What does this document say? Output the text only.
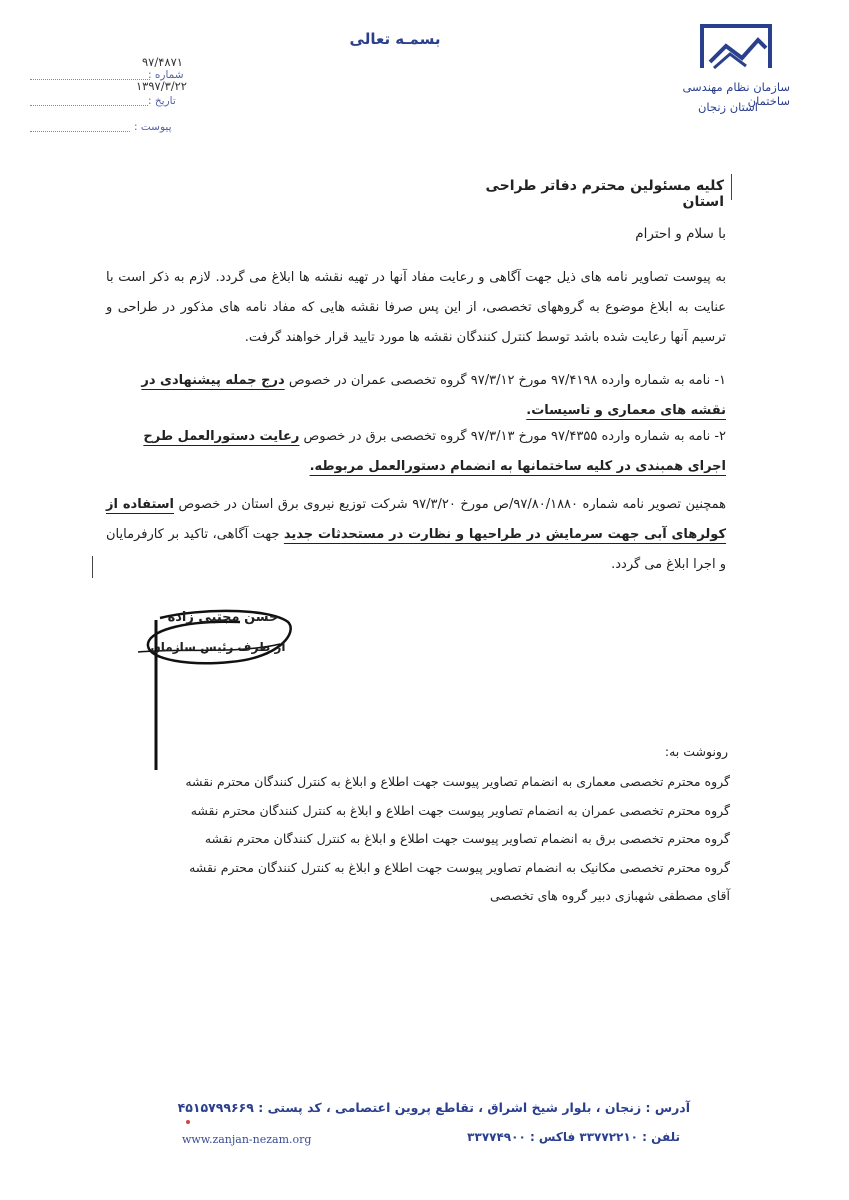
بسمـه تعالی
سازمان نظام مهندسی ساختمان
استان زنجان
۹۷/۴۸۷۱
شماره :
۱۳۹۷/۳/۲۲
تاریخ :
پیوست :
کلیه مسئولین محترم دفاتر طراحی استان
با سلام و احترام
به پیوست تصاویر نامه های ذیل جهت آگاهی و رعایت مفاد آنها در تهیه نقشه ها ابلاغ می گردد. لازم به ذکر است با عنایت به ابلاغ موضوع به گروههای تخصصی، از این پس صرفا نقشه هایی که مفاد نامه های مذکور در طراحی و ترسیم آنها رعایت شده باشد توسط کنترل کنندگان نقشه ها مورد تایید قرار خواهند گرفت.
۱- نامه به شماره وارده ۹۷/۴۱۹۸ مورخ ۹۷/۳/۱۲ گروه تخصصی عمران در خصوص درج جمله پیشنهادی در نقشه های معماری و تاسیسات.
۲- نامه به شماره وارده ۹۷/۴۳۵۵ مورخ ۹۷/۳/۱۳ گروه تخصصی برق در خصوص رعایت دستورالعمل طرح اجرای همبندی در کلیه ساختمانها به انضمام دستورالعمل مربوطه.
همچنین تصویر نامه شماره ۹۷/۸۰/۱۸۸۰/ص مورخ ۹۷/۳/۲۰ شرکت توزیع نیروی برق استان در خصوص استفاده از کولرهای آبی جهت سرمایش در طراحیها و نظارت در مستحدثات جدید جهت آگاهی، تاکید بر کارفرمایان و اجرا ابلاغ می گردد.
حسن مجتبی زاده
از طرف رئیس سازمان
رونوشت به:
گروه محترم تخصصی معماری به انضمام تصاویر پیوست جهت اطلاع و ابلاغ به کنترل کنندگان محترم نقشه
گروه محترم تخصصی عمران به انضمام تصاویر پیوست جهت اطلاع و ابلاغ به کنترل کنندگان محترم نقشه
گروه محترم تخصصی برق به انضمام تصاویر پیوست جهت اطلاع و ابلاغ به کنترل کنندگان محترم نقشه
گروه محترم تخصصی مکانیک به انضمام تصاویر پیوست جهت اطلاع و ابلاغ به کنترل کنندگان محترم نقشه
آقای مصطفی شهبازی دبیر گروه های تخصصی
آدرس : زنجان ، بلوار شیخ اشراق ، تقاطع پروین اعتصامی ، کد پستی : ۴۵۱۵۷۹۹۶۶۹
تلفن : ۳۳۷۷۲۲۱۰ فاکس : ۳۳۷۷۴۹۰۰
www.zanjan-nezam.org
